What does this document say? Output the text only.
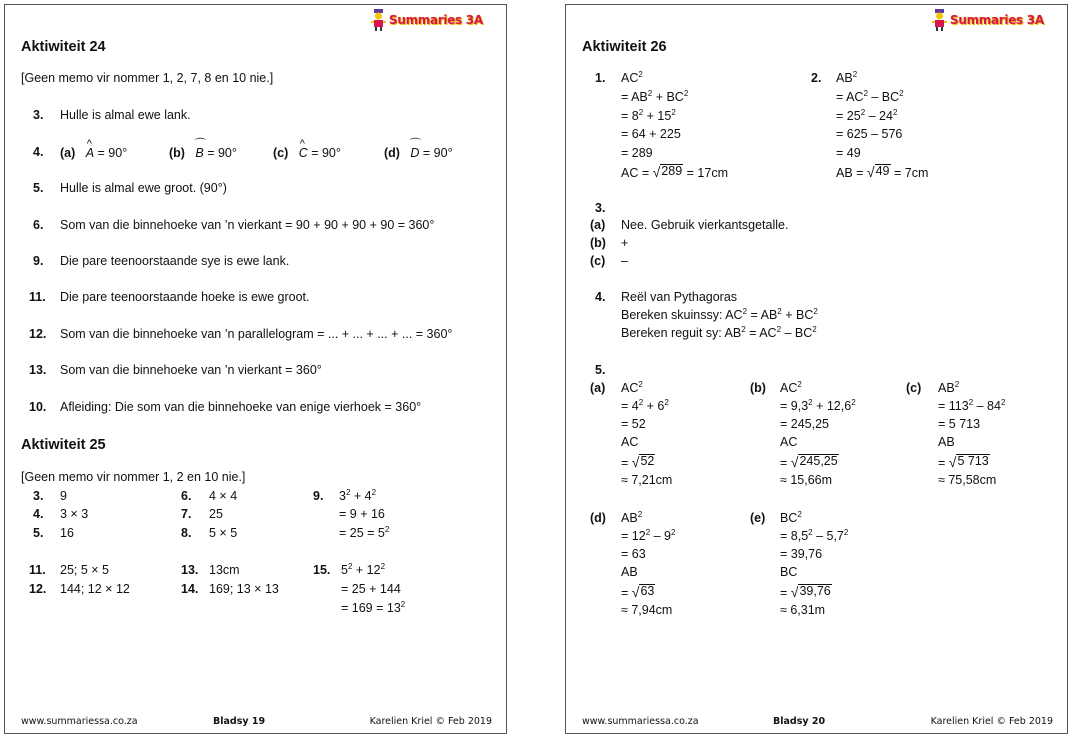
Summaries 3A
Aktiwiteit 24
[Geen memo vir nommer 1, 2, 7, 8 en 10 nie.]
3. Hulle is almal ewe lank.
4. (a) ^ A = 90°	(b) ⌒ B = 90°	(c) ^ C = 90°	(d) ⌒ D = 90°
5. Hulle is almal ewe groot. (90°)
6. Som van die binnehoeke van ’n vierkant = 90 + 90 + 90 + 90 = 360°
9. Die pare teenoorstaande sye is ewe lank.
11. Die pare teenoorstaande hoeke is ewe groot.
12. Som van die binnehoeke van ’n parallelogram = ... + ... + ... + ... = 360°
13. Som van die binnehoeke van ’n vierkant = 360°
10. Afleiding: Die som van die binnehoeke van enige vierhoek = 360°
Aktiwiteit 25
[Geen memo vir nommer 1, 2 en 10 nie.]
3. 9
4. 3 × 3
5. 16
6. 4 × 4
7. 25
8. 5 × 5
9. $3^2 + 4^2$
= 9 + 16
= $25 = 5^2$
11. 25; 5 × 5
12. 144; 12 × 12
13. 13cm
14. 169; 13 × 13
15. $5^2 + 12^2$
= 25 + 144
= $169 = 13^2$
www.summariessa.co.za	Bladsy 19	Karelien Kriel © Feb 2019
Summaries 3A
Aktiwiteit 26
1. $AC^2$
= $AB^2 + BC^2$
= $8^2 + 15^2$
= 64 + 225
= 289
AC = √ 289 = 17cm
2. $AB^2$
= $AC^2 - BC^2$
= $25^2 - 24^2$
= 625 – 576
= 49
AB = √ 49 = 7cm
3.
(a) Nee. Gebruik vierkantsgetalle.
(b) +
(c) –
4. Reël van Pythagoras
Bereken skuinssy: $AC^2 = AB^2 + BC^2$
Bereken reguit sy: $AB^2 = AC^2 - BC^2$
5.
(a) $AC^2$
= $4^2 + 6^2$
= 52
AC
= √ 52
≈ 7,21cm
(b) $AC^2$
= $9,3^2 + 12,6^2$
= 245,25
AC
= √ 245,25
≈ 15,66m
(c) $AB^2$
= $113^2 - 84^2$
= 5 713
AB
= √ 5 713
≈ 75,58cm
(d) $AB^2$
= $12^2 - 9^2$
= 63
AB
= √ 63
≈ 7,94cm
(e) $BC^2$
= $8,5^2 - 5,7^2$
= 39,76
BC
= √ 39,76
≈ 6,31m
www.summariessa.co.za	Bladsy 20	Karelien Kriel © Feb 2019
